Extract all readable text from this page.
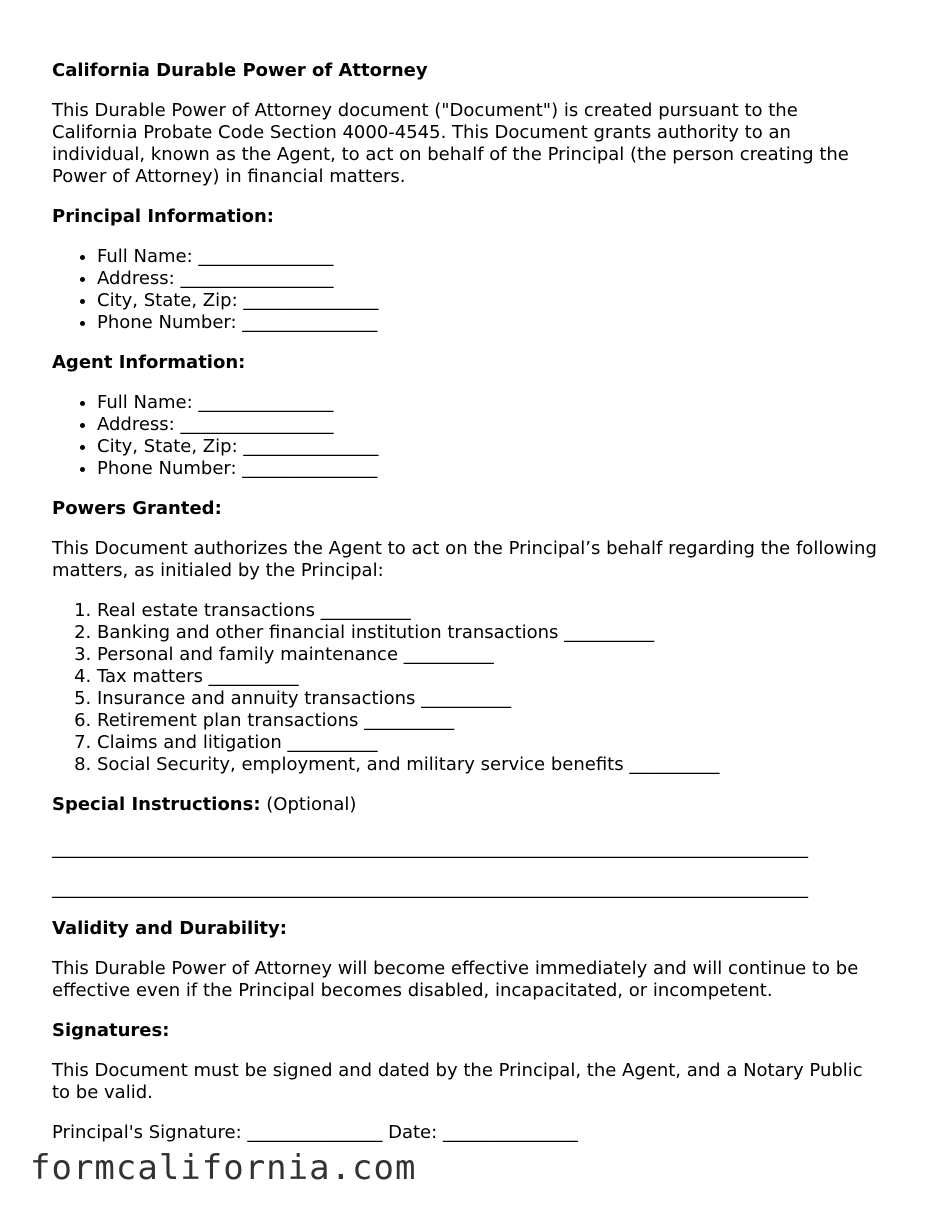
California Durable Power of Attorney

This Durable Power of Attorney document ("Document") is created pursuant to the California Probate Code Section 4000-4545. This Document grants authority to an individual, known as the Agent, to act on behalf of the Principal (the person creating the Power of Attorney) in financial matters.

Principal Information:
• Full Name: _______________
• Address: _________________
• City, State, Zip: _______________
• Phone Number: _______________
Agent Information:
• Full Name: _______________
• Address: _________________
• City, State, Zip: _______________
• Phone Number: _______________
Powers Granted:

This Document authorizes the Agent to act on the Principal’s behalf regarding the following matters, as initialed by the Principal:

1. Real estate transactions __________
2. Banking and other financial institution transactions __________
3. Personal and family maintenance __________
4. Tax matters __________
5. Insurance and annuity transactions __________
6. Retirement plan transactions __________
7. Claims and litigation __________
8. Social Security, employment, and military service benefits __________

Special Instructions: (Optional)

____________________________________________________________________________________
____________________________________________________________________________________
Validity and Durability:

This Durable Power of Attorney will become effective immediately and will continue to be effective even if the Principal becomes disabled, incapacitated, or incompetent.

Signatures:

This Document must be signed and dated by the Principal, the Agent, and a Notary Public to be valid.

Principal's Signature: _______________ Date: _______________

formcalifornia.com
